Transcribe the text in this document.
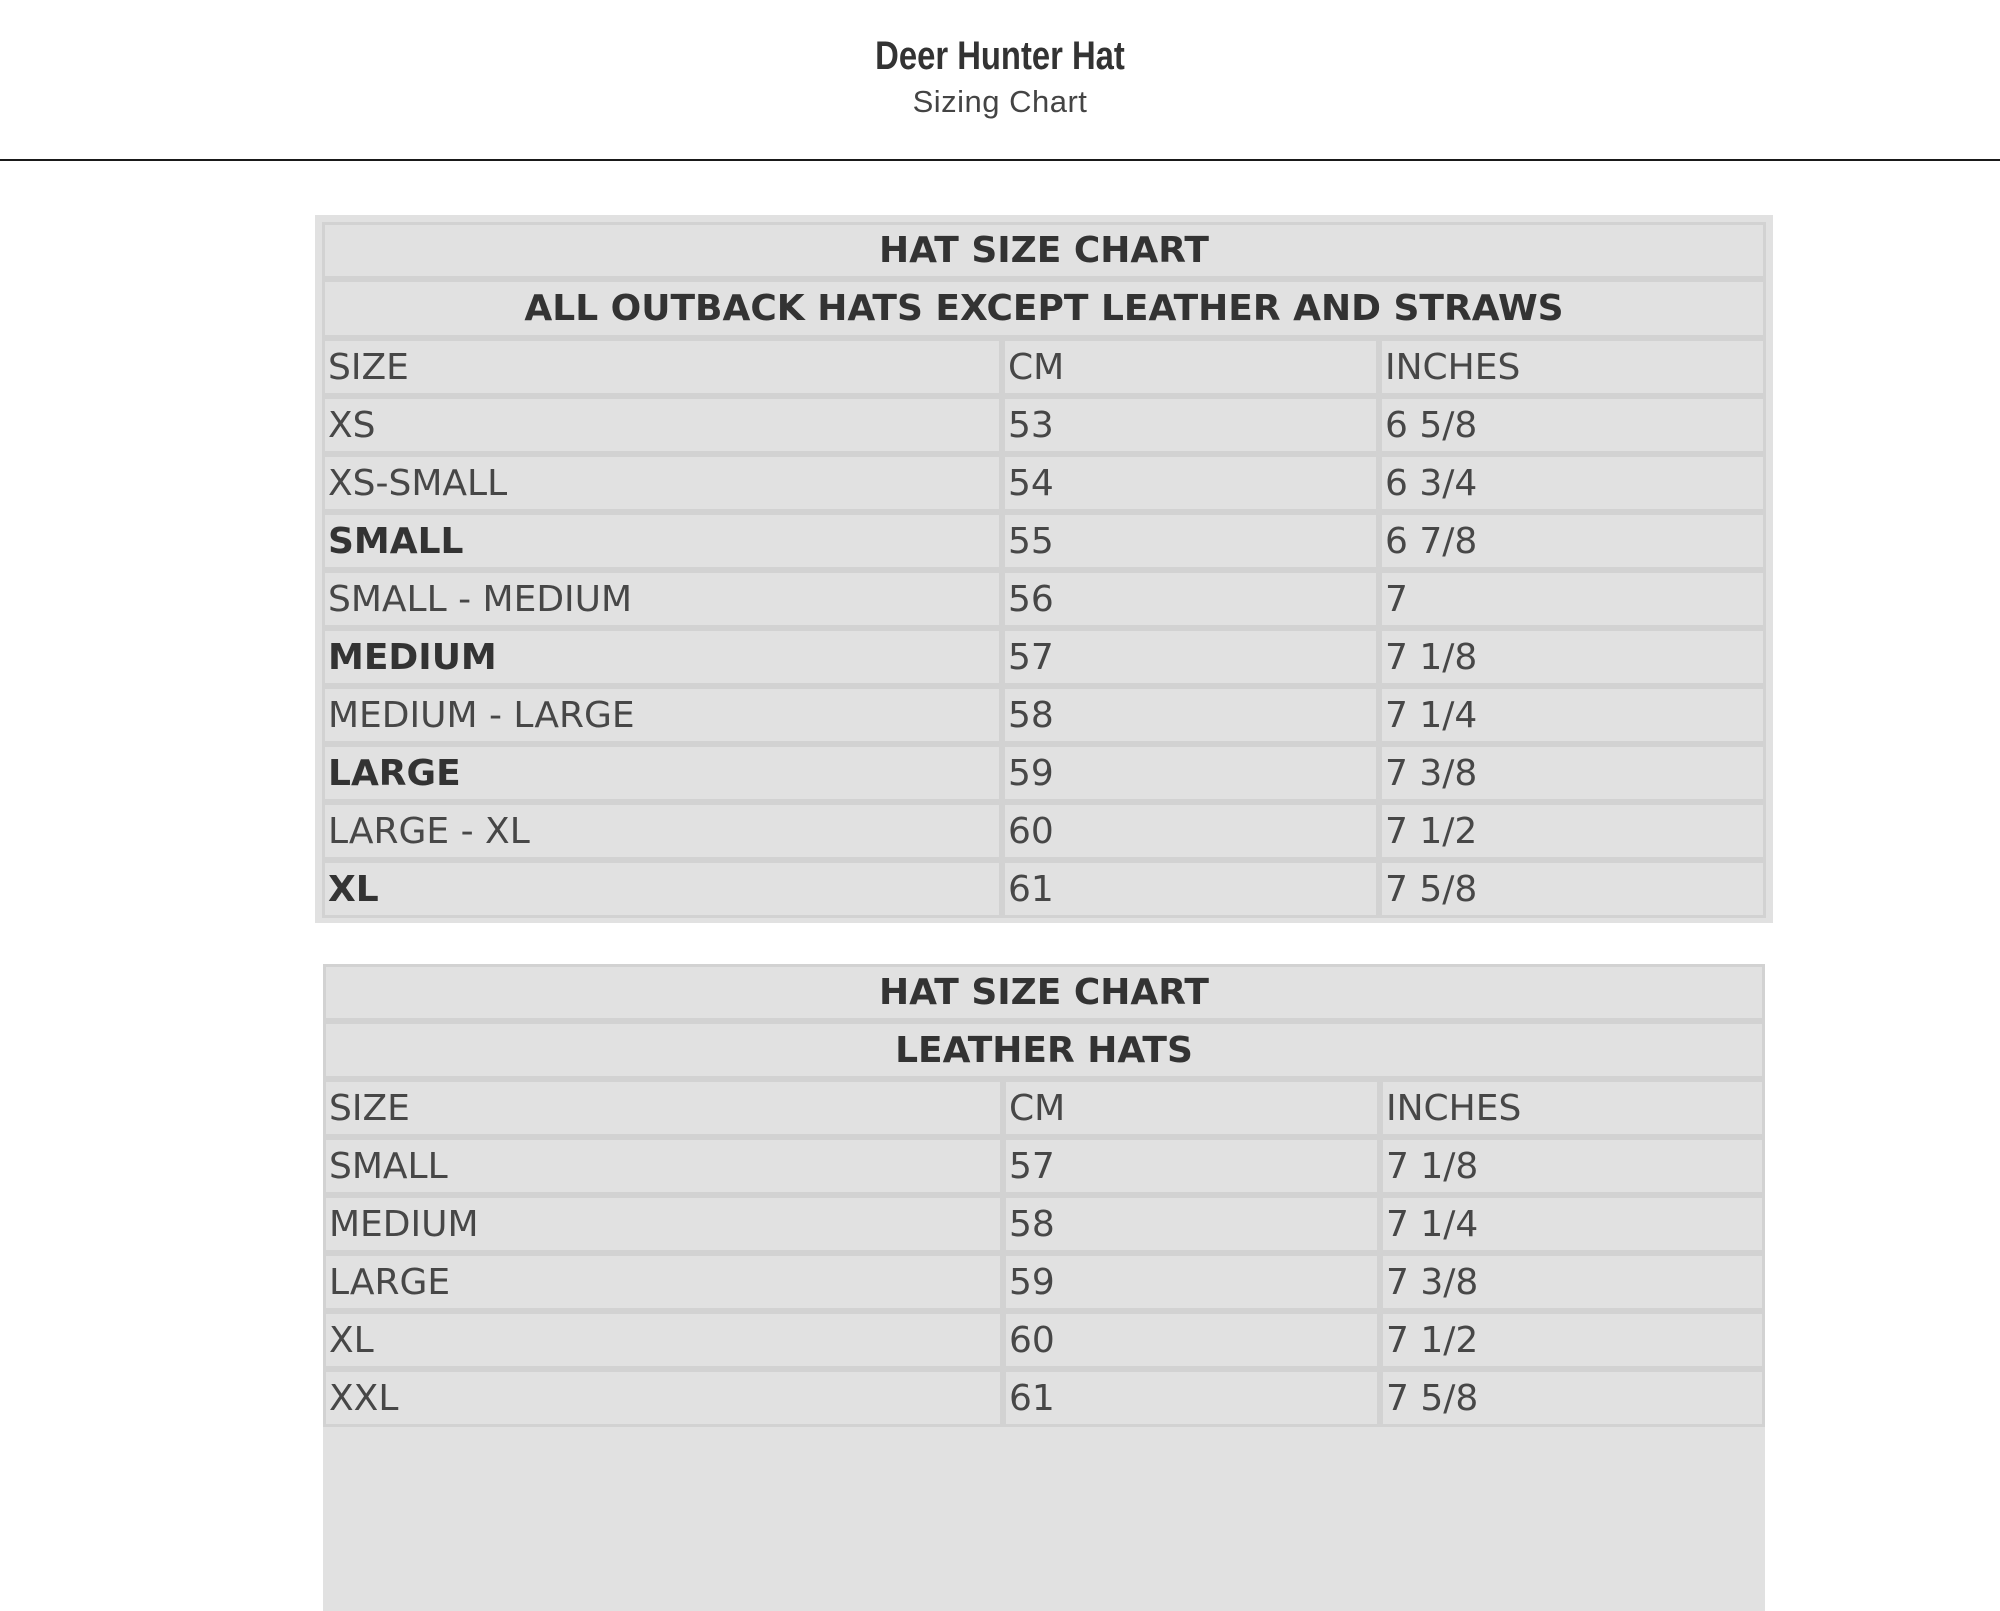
Deer Hunter Hat
Sizing Chart
HAT SIZE CHART		
ALL OUTBACK HATS EXCEPT LEATHER AND STRAWS		
SIZE	CM	INCHES
XS	53	6 5/8
XS-SMALL	54	6 3/4
SMALL	55	6 7/8
SMALL - MEDIUM	56	7
MEDIUM	57	7 1/8
MEDIUM - LARGE	58	7 1/4
LARGE	59	7 3/8
LARGE - XL	60	7 1/2
XL	61	7 5/8
HAT SIZE CHART		
LEATHER HATS		
SIZE	CM	INCHES
SMALL	57	7 1/8
MEDIUM	58	7 1/4
LARGE	59	7 3/8
XL	60	7 1/2
XXL	61	7 5/8
